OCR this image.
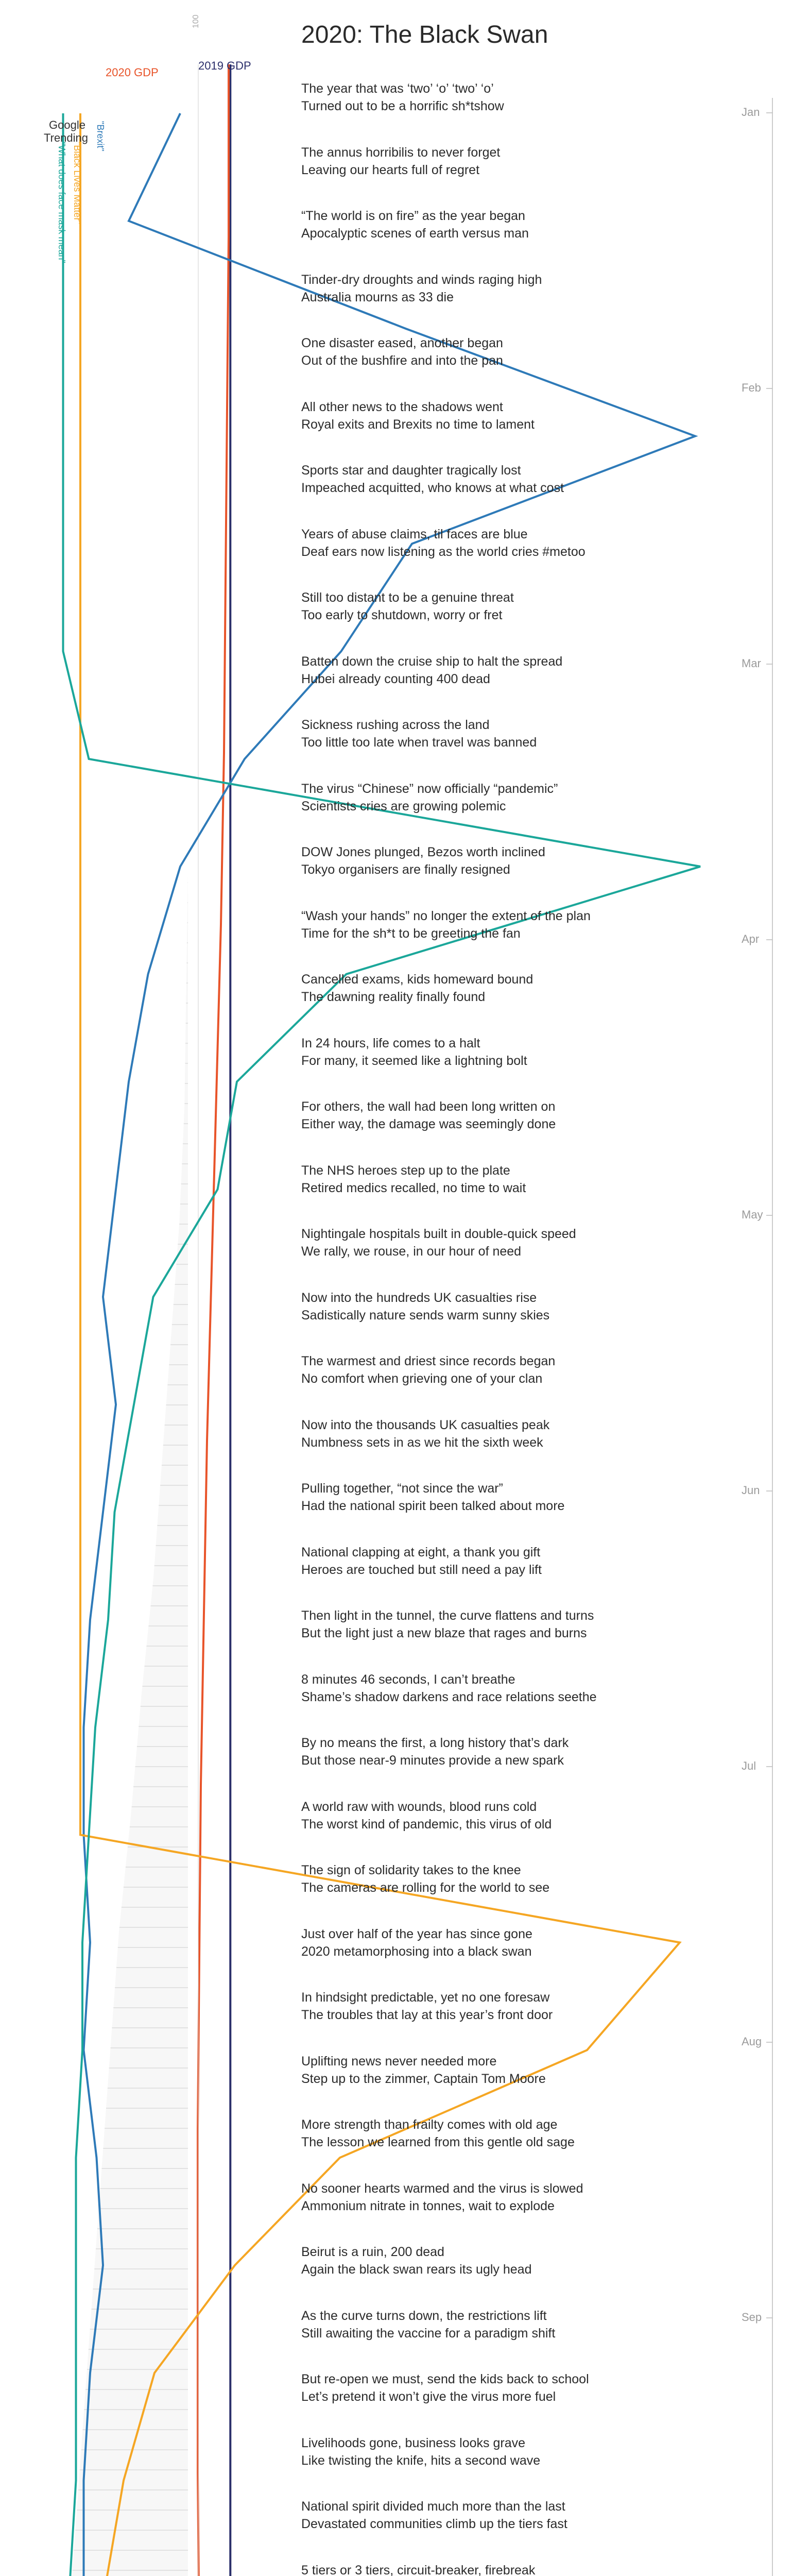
2020: The Black Swan
The year that was ‘two’ ‘o’ ‘two’ ‘o’
Turned out to be a horrific sh*tshow
The annus horribilis to never forget
Leaving our hearts full of regret
“The world is on fire” as the year began
Apocalyptic scenes of earth versus man
Tinder-dry droughts and winds raging high
Australia mourns as 33 die
One disaster eased, another began
Out of the bushfire and into the pan
All other news to the shadows went
Royal exits and Brexits no time to lament
Sports star and daughter tragically lost
Impeached acquitted, who knows at what cost
Years of abuse claims, til faces are blue
Deaf ears now listening as the world cries #metoo
Still too distant to be a genuine threat
Too early to shutdown, worry or fret
Batten down the cruise ship to halt the spread
Hubei already counting 400 dead
Sickness rushing across the land
Too little too late when travel was banned
The virus “Chinese” now officially “pandemic”
Scientists cries are growing polemic
DOW Jones plunged, Bezos worth inclined
Tokyo organisers are finally resigned
“Wash your hands” no longer the extent of the plan
Time for the sh*t to be greeting the fan
Cancelled exams, kids homeward bound
The dawning reality finally found
In 24 hours, life comes to a halt
For many, it seemed like a lightning bolt
For others, the wall had been long written on
Either way, the damage was seemingly done
The NHS heroes step up to the plate
Retired medics recalled, no time to wait
Nightingale hospitals built in double-quick speed
We rally, we rouse, in our hour of need
Now into the hundreds UK casualties rise
Sadistically nature sends warm sunny skies
The warmest and driest since records began
No comfort when grieving one of your clan
Now into the thousands UK casualties peak
Numbness sets in as we hit the sixth week
Pulling together, “not since the war”
Had the national spirit been talked about more
National clapping at eight, a thank you gift
Heroes are touched but still need a pay lift
Then light in the tunnel, the curve flattens and turns
But the light just a new blaze that rages and burns
8 minutes 46 seconds, I can’t breathe
Shame’s shadow darkens and race relations seethe
By no means the first, a long history that’s dark
But those near-9 minutes provide a new spark
A world raw with wounds, blood runs cold
The worst kind of pandemic, this virus of old
The sign of solidarity takes to the knee
The cameras are rolling for the world to see
Just over half of the year has since gone
2020 metamorphosing into a black swan
In hindsight predictable, yet no one foresaw
The troubles that lay at this year’s front door
Uplifting news never needed more
Step up to the zimmer, Captain Tom Moore
More strength than frailty comes with old age
The lesson we learned from this gentle old sage
No sooner hearts warmed and the virus is slowed
Ammonium nitrate in tonnes, wait to explode
Beirut is a ruin, 200 dead
Again the black swan rears its ugly head
As the curve turns down, the restrictions lift
Still awaiting the vaccine for a paradigm shift
But re-open we must, send the kids back to school
Let’s pretend it won’t give the virus more fuel
Livelihoods gone, business looks grave
Like twisting the knife, hits a second wave
National spirit divided much more than the last
Devastated communities climb up the tiers fast
5 tiers or 3 tiers, circuit-breaker, firebreak
Jan
Feb
Mar
Apr
May
Jun
Jul
Aug
Sep
2020 GDP
2019 GDP
100
Google
Trending "Brexit"
"Black Lives Matter"
"What does face mask mean"
